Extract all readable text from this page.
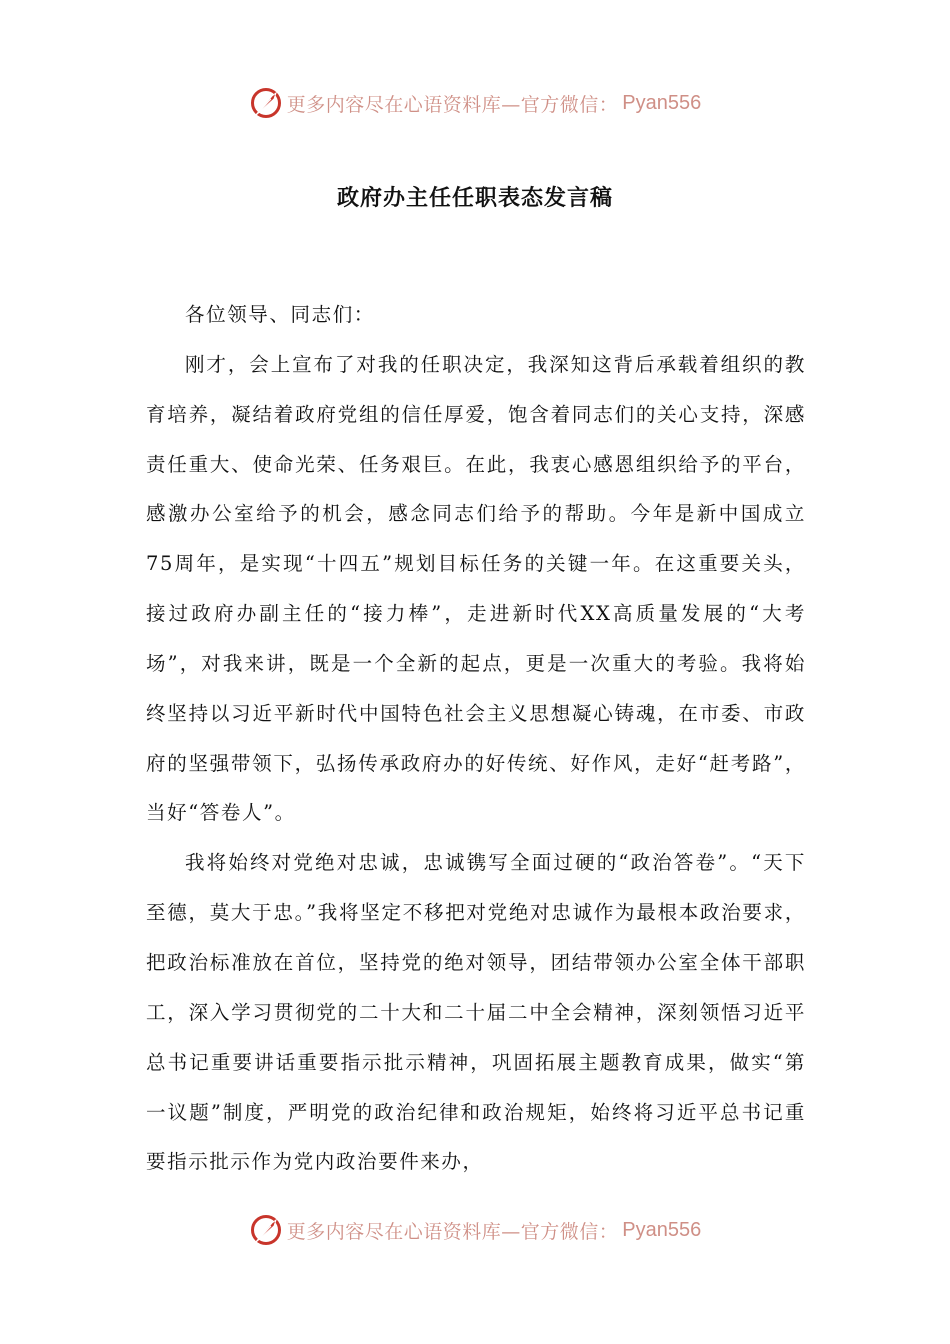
更多内容尽在心语资料库—官方微信： Pyan556
政府办主任任职表态发言稿

各位领导、同志们：

刚才，会上宣布了对我的任职决定，我深知这背后承载着组织的教育培养，凝结着政府党组的信任厚爱，饱含着同志们的关心支持，深感责任重大、使命光荣、任务艰巨。在此，我衷心感恩组织给予的平台，感激办公室给予的机会，感念同志们给予的帮助。今年是新中国成立75周年，是实现“十四五”规划目标任务的关键一年。在这重要关头，接过政府办副主任的“接力棒”，走进新时代XX高质量发展的“大考场”，对我来讲，既是一个全新的起点，更是一次重大的考验。我将始终坚持以习近平新时代中国特色社会主义思想凝心铸魂，在市委、市政府的坚强带领下，弘扬传承政府办的好传统、好作风，走好“赶考路”，当好“答卷人”。

我将始终对党绝对忠诚，忠诚镌写全面过硬的“政治答卷”。“天下至德，莫大于忠。”我将坚定不移把对党绝对忠诚作为最根本政治要求，把政治标准放在首位，坚持党的绝对领导，团结带领办公室全体干部职工，深入学习贯彻党的二十大和二十届二中全会精神，深刻领悟习近平总书记重要讲话重要指示批示精神，巩固拓展主题教育成果，做实“第一议题”制度，严明党的政治纪律和政治规矩，始终将习近平总书记重要指示批示作为党内政治要件来办，

更多内容尽在心语资料库—官方微信： Pyan556
